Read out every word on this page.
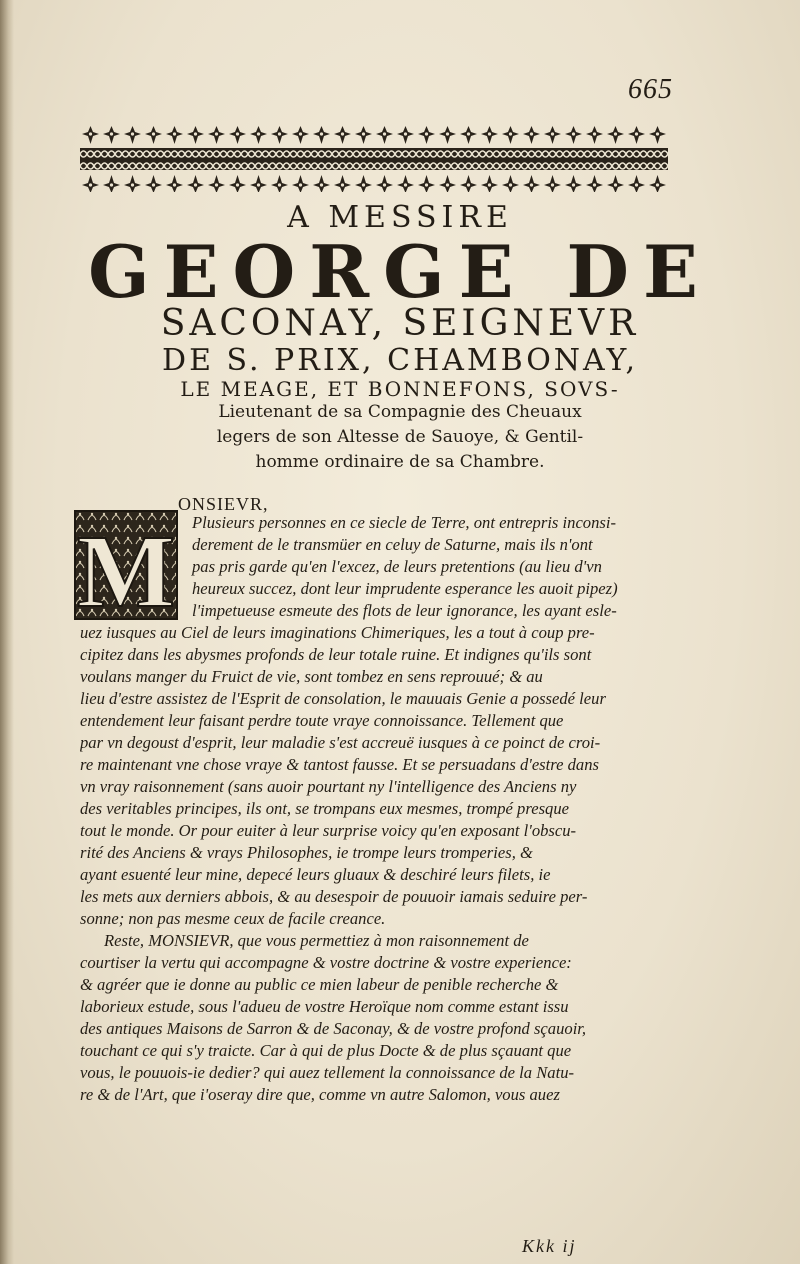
665
A MESSIRE
GEORGE DE
SACONAY, SEIGNEVR
DE S. PRIX, CHAMBONAY,
LE MEAGE, ET BONNEFONS, SOVS-
Lieutenant de sa Compagnie des Cheuaux
legers de son Altesse de Sauoye, & Gentil-
homme ordinaire de sa Chambre.
ONSIEVR,
M	Plusieurs personnes en ce siecle de Terre, ont entrepris inconsi-
derement de le transmüer en celuy de Saturne, mais ils n'ont
pas pris garde qu'en l'excez, de leurs pretentions (au lieu d'vn
heureux succez, dont leur imprudente esperance les auoit pipez)
l'impetueuse esmeute des flots de leur ignorance, les ayant esle-
uez iusques au Ciel de leurs imaginations Chimeriques, les a tout à coup pre-
cipitez dans les abysmes profonds de leur totale ruine. Et indignes qu'ils sont
voulans manger du Fruict de vie, sont tombez en sens reprouué; & au
lieu d'estre assistez de l'Esprit de consolation, le mauuais Genie a possedé leur
entendement leur faisant perdre toute vraye connoissance. Tellement que
par vn degoust d'esprit, leur maladie s'est accreuë iusques à ce poinct de croi-
re maintenant vne chose vraye & tantost fausse. Et se persuadans d'estre dans
vn vray raisonnement (sans auoir pourtant ny l'intelligence des Anciens ny
des veritables principes, ils ont, se trompans eux mesmes, trompé presque
tout le monde. Or pour euiter à leur surprise voicy qu'en exposant l'obscu-
rité des Anciens & vrays Philosophes, ie trompe leurs tromperies, &
ayant esuenté leur mine, depecé leurs gluaux & deschiré leurs filets, ie
les mets aux derniers abbois, & au desespoir de pouuoir iamais seduire per-
sonne; non pas mesme ceux de facile creance.
Reste, MONSIEVR, que vous permettiez à mon raisonnement de
courtiser la vertu qui accompagne & vostre doctrine & vostre experience:
& agréer que ie donne au public ce mien labeur de penible recherche &
laborieux estude, sous l'adueu de vostre Heroïque nom comme estant issu
des antiques Maisons de Sarron & de Saconay, & de vostre profond sçauoir,
touchant ce qui s'y traicte. Car à qui de plus Docte & de plus sçauant que
vous, le pouuois-ie dedier? qui auez tellement la connoissance de la Natu-
re & de l'Art, que i'oseray dire que, comme vn autre Salomon, vous auez
Kkk ij
